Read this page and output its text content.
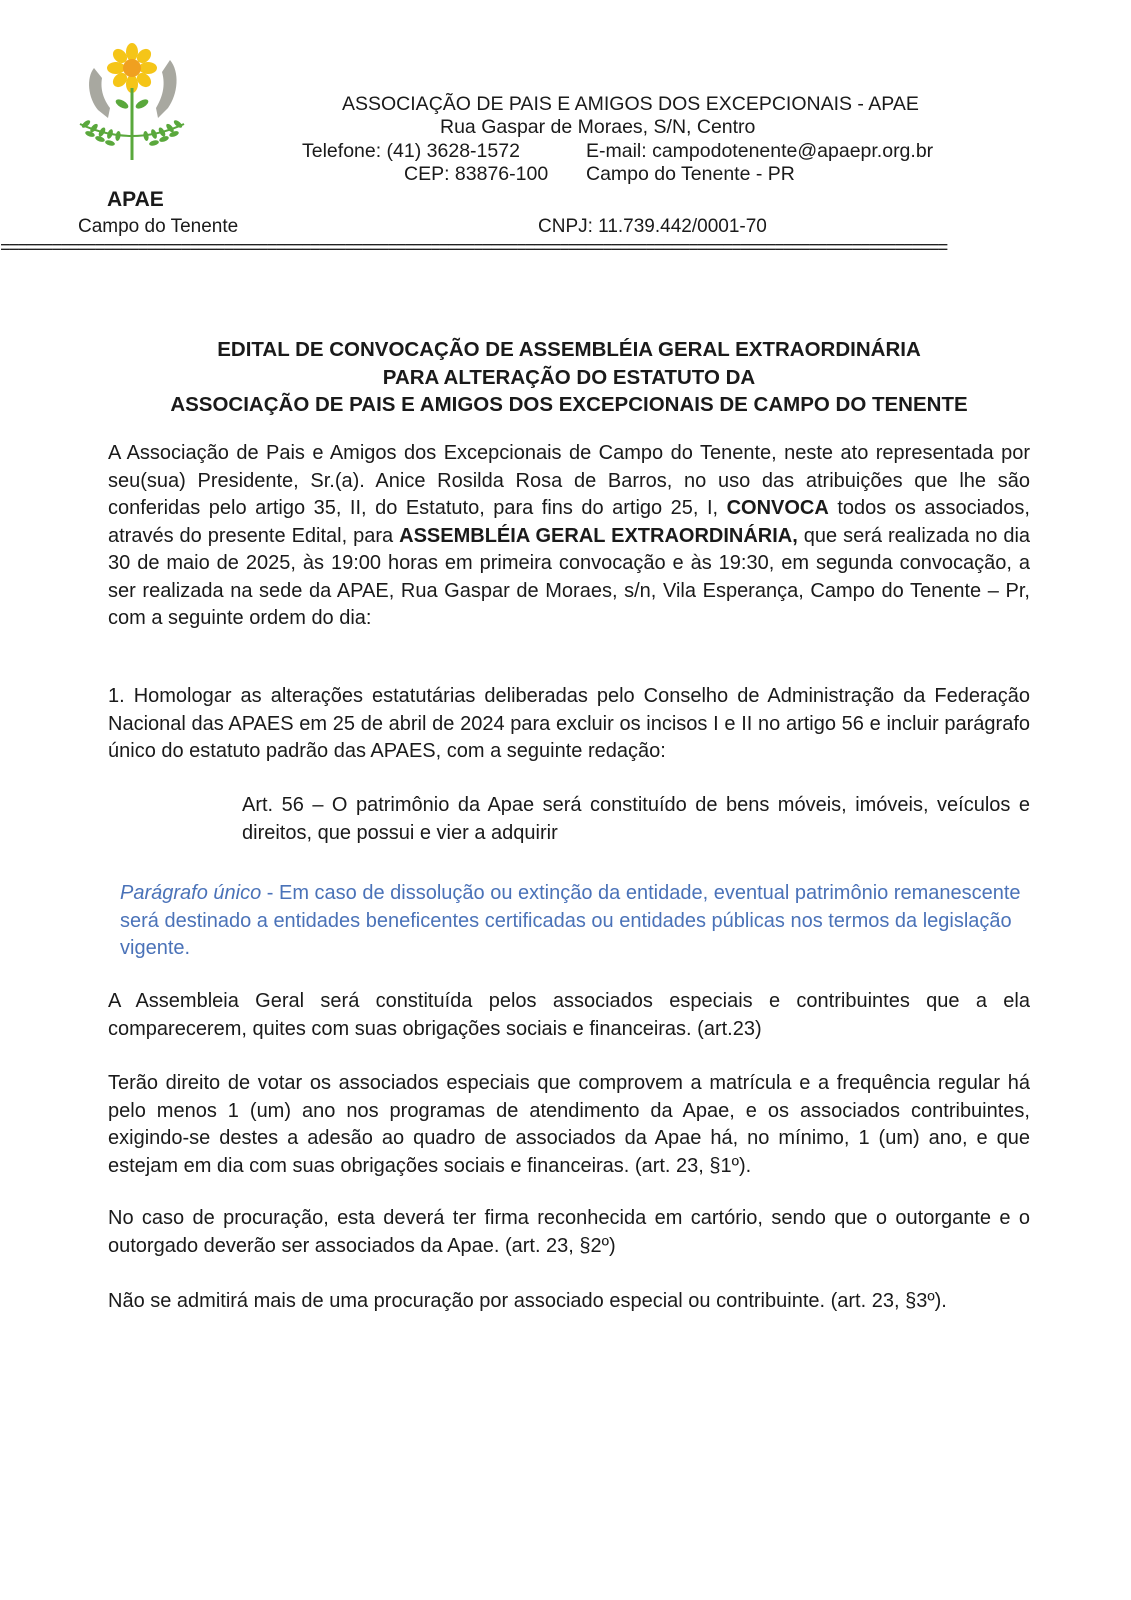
APAE
Campo do Tenente
ASSOCIAÇÃO DE PAIS E AMIGOS DOS EXCEPCIONAIS - APAE
Rua Gaspar de Moraes, S/N, Centro
Telefone: (41) 3628-1572	E-mail: campodotenente@apaepr.org.br
CEP: 83876-100 Campo do Tenente - PR
CNPJ: 11.739.442/0001-70
==============================================================================================================
EDITAL DE CONVOCAÇÃO DE ASSEMBLÉIA GERAL EXTRAORDINÁRIA
PARA ALTERAÇÃO DO ESTATUTO DA
ASSOCIAÇÃO DE PAIS E AMIGOS DOS EXCEPCIONAIS DE CAMPO DO TENENTE
A Associação de Pais e Amigos dos Excepcionais de Campo do Tenente, neste ato representada por seu(sua) Presidente, Sr.(a). Anice Rosilda Rosa de Barros, no uso das atribuições que lhe são conferidas pelo artigo 35, II, do Estatuto, para fins do artigo 25, I, CONVOCA todos os associados, através do presente Edital, para ASSEMBLÉIA GERAL EXTRAORDINÁRIA, que será realizada no dia 30 de maio de 2025, às 19:00 horas em primeira convocação e às 19:30, em segunda convocação, a ser realizada na sede da APAE, Rua Gaspar de Moraes, s/n, Vila Esperança, Campo do Tenente – Pr, com a seguinte ordem do dia:
1. Homologar as alterações estatutárias deliberadas pelo Conselho de Administração da Federação Nacional das APAES em 25 de abril de 2024 para excluir os incisos I e II no artigo 56 e incluir parágrafo único do estatuto padrão das APAES, com a seguinte redação:
Art. 56 – O patrimônio da Apae será constituído de bens móveis, imóveis, veículos e direitos, que possui e vier a adquirir
Parágrafo único - Em caso de dissolução ou extinção da entidade, eventual patrimônio remanescente será destinado a entidades beneficentes certificadas ou entidades públicas nos termos da legislação vigente.
A Assembleia Geral será constituída pelos associados especiais e contribuintes que a ela comparecerem, quites com suas obrigações sociais e financeiras. (art.23)
Terão direito de votar os associados especiais que comprovem a matrícula e a frequência regular há pelo menos 1 (um) ano nos programas de atendimento da Apae, e os associados contribuintes, exigindo-se destes a adesão ao quadro de associados da Apae há, no mínimo, 1 (um) ano, e que estejam em dia com suas obrigações sociais e financeiras. (art. 23, §1º).
No caso de procuração, esta deverá ter firma reconhecida em cartório, sendo que o outorgante e o outorgado deverão ser associados da Apae. (art. 23, §2º)
Não se admitirá mais de uma procuração por associado especial ou contribuinte. (art. 23, §3º).
